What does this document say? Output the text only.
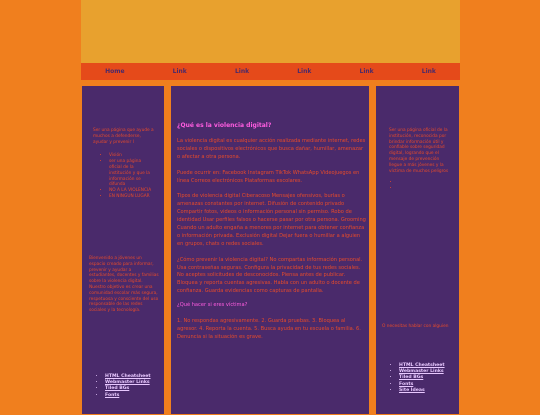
Home	Link	Link	Link	Link	Link

Ser una página que ayude a muchos a defenderse, ayudar y prevenir l

• Visión
• ser una página oficial de la institución y que la información se difunda
• NO A LA VIOLENCIA
• EN NINGUN LUGAR

Bienvenido a jóvenes un espacio creado para informar, prevenir y ayudar a estudiantes, docentes y familias sobre la violencia digital. Nuestro objetivo es crear una comunidad escolar más segura, respetuosa y consciente del uso responsable de las redes sociales y la tecnología.

• HTML Cheatsheet
• Webmaster Links
• Tiled BGs
• Fonts
¿Qué es la violencia digital?

La violencia digital es cualquier acción realizada mediante internet, redes sociales o dispositivos electrónicos que busca dañar, humillar, amenazar o afectar a otra persona.

Puede ocurrir en: Facebook Instagram TikTok WhatsApp Videojuegos en línea Correos electrónicos Plataformas escolares.

Tipos de violencia digital Ciberacoso Mensajes ofensivos, burlas o amenazas constantes por internet. Difusión de contenido privado Compartir fotos, videos o información personal sin permiso. Robo de identidad Usar perfiles falsos o hacerse pasar por otra persona. Grooming Cuando un adulto engaña a menores por internet para obtener confianza o información privada. Exclusión digital Dejar fuera o humillar a alguien en grupos, chats o redes sociales.

¿Cómo prevenir la violencia digital? No compartas información personal. Usa contraseñas seguras. Configura la privacidad de tus redes sociales. No aceptes solicitudes de desconocidos. Piensa antes de publicar. Bloquea y reporta cuentas agresivas. Habla con un adulto o docente de confianza. Guarda evidencias como capturas de pantalla.

¿Qué hacer si eres víctima?

1. No respondas agresivamente. 2. Guarda pruebas. 3. Bloquea al agresor. 4. Reporta la cuenta. 5. Busca ayuda en tu escuela o familia. 6. Denuncia si la situación es grave.

Ser una página oficial de la institución, reconocida por brindar información útil y confiable sobre seguridad digital, logrando que el mensaje de prevención llegue a más jóvenes y la víctima de muchos peligros

•
•

O necesitas hablar con alguien

• HTML Cheatsheet
• Webmaster Links
• Tiled BGs
• Fonts
• Site Ideas
